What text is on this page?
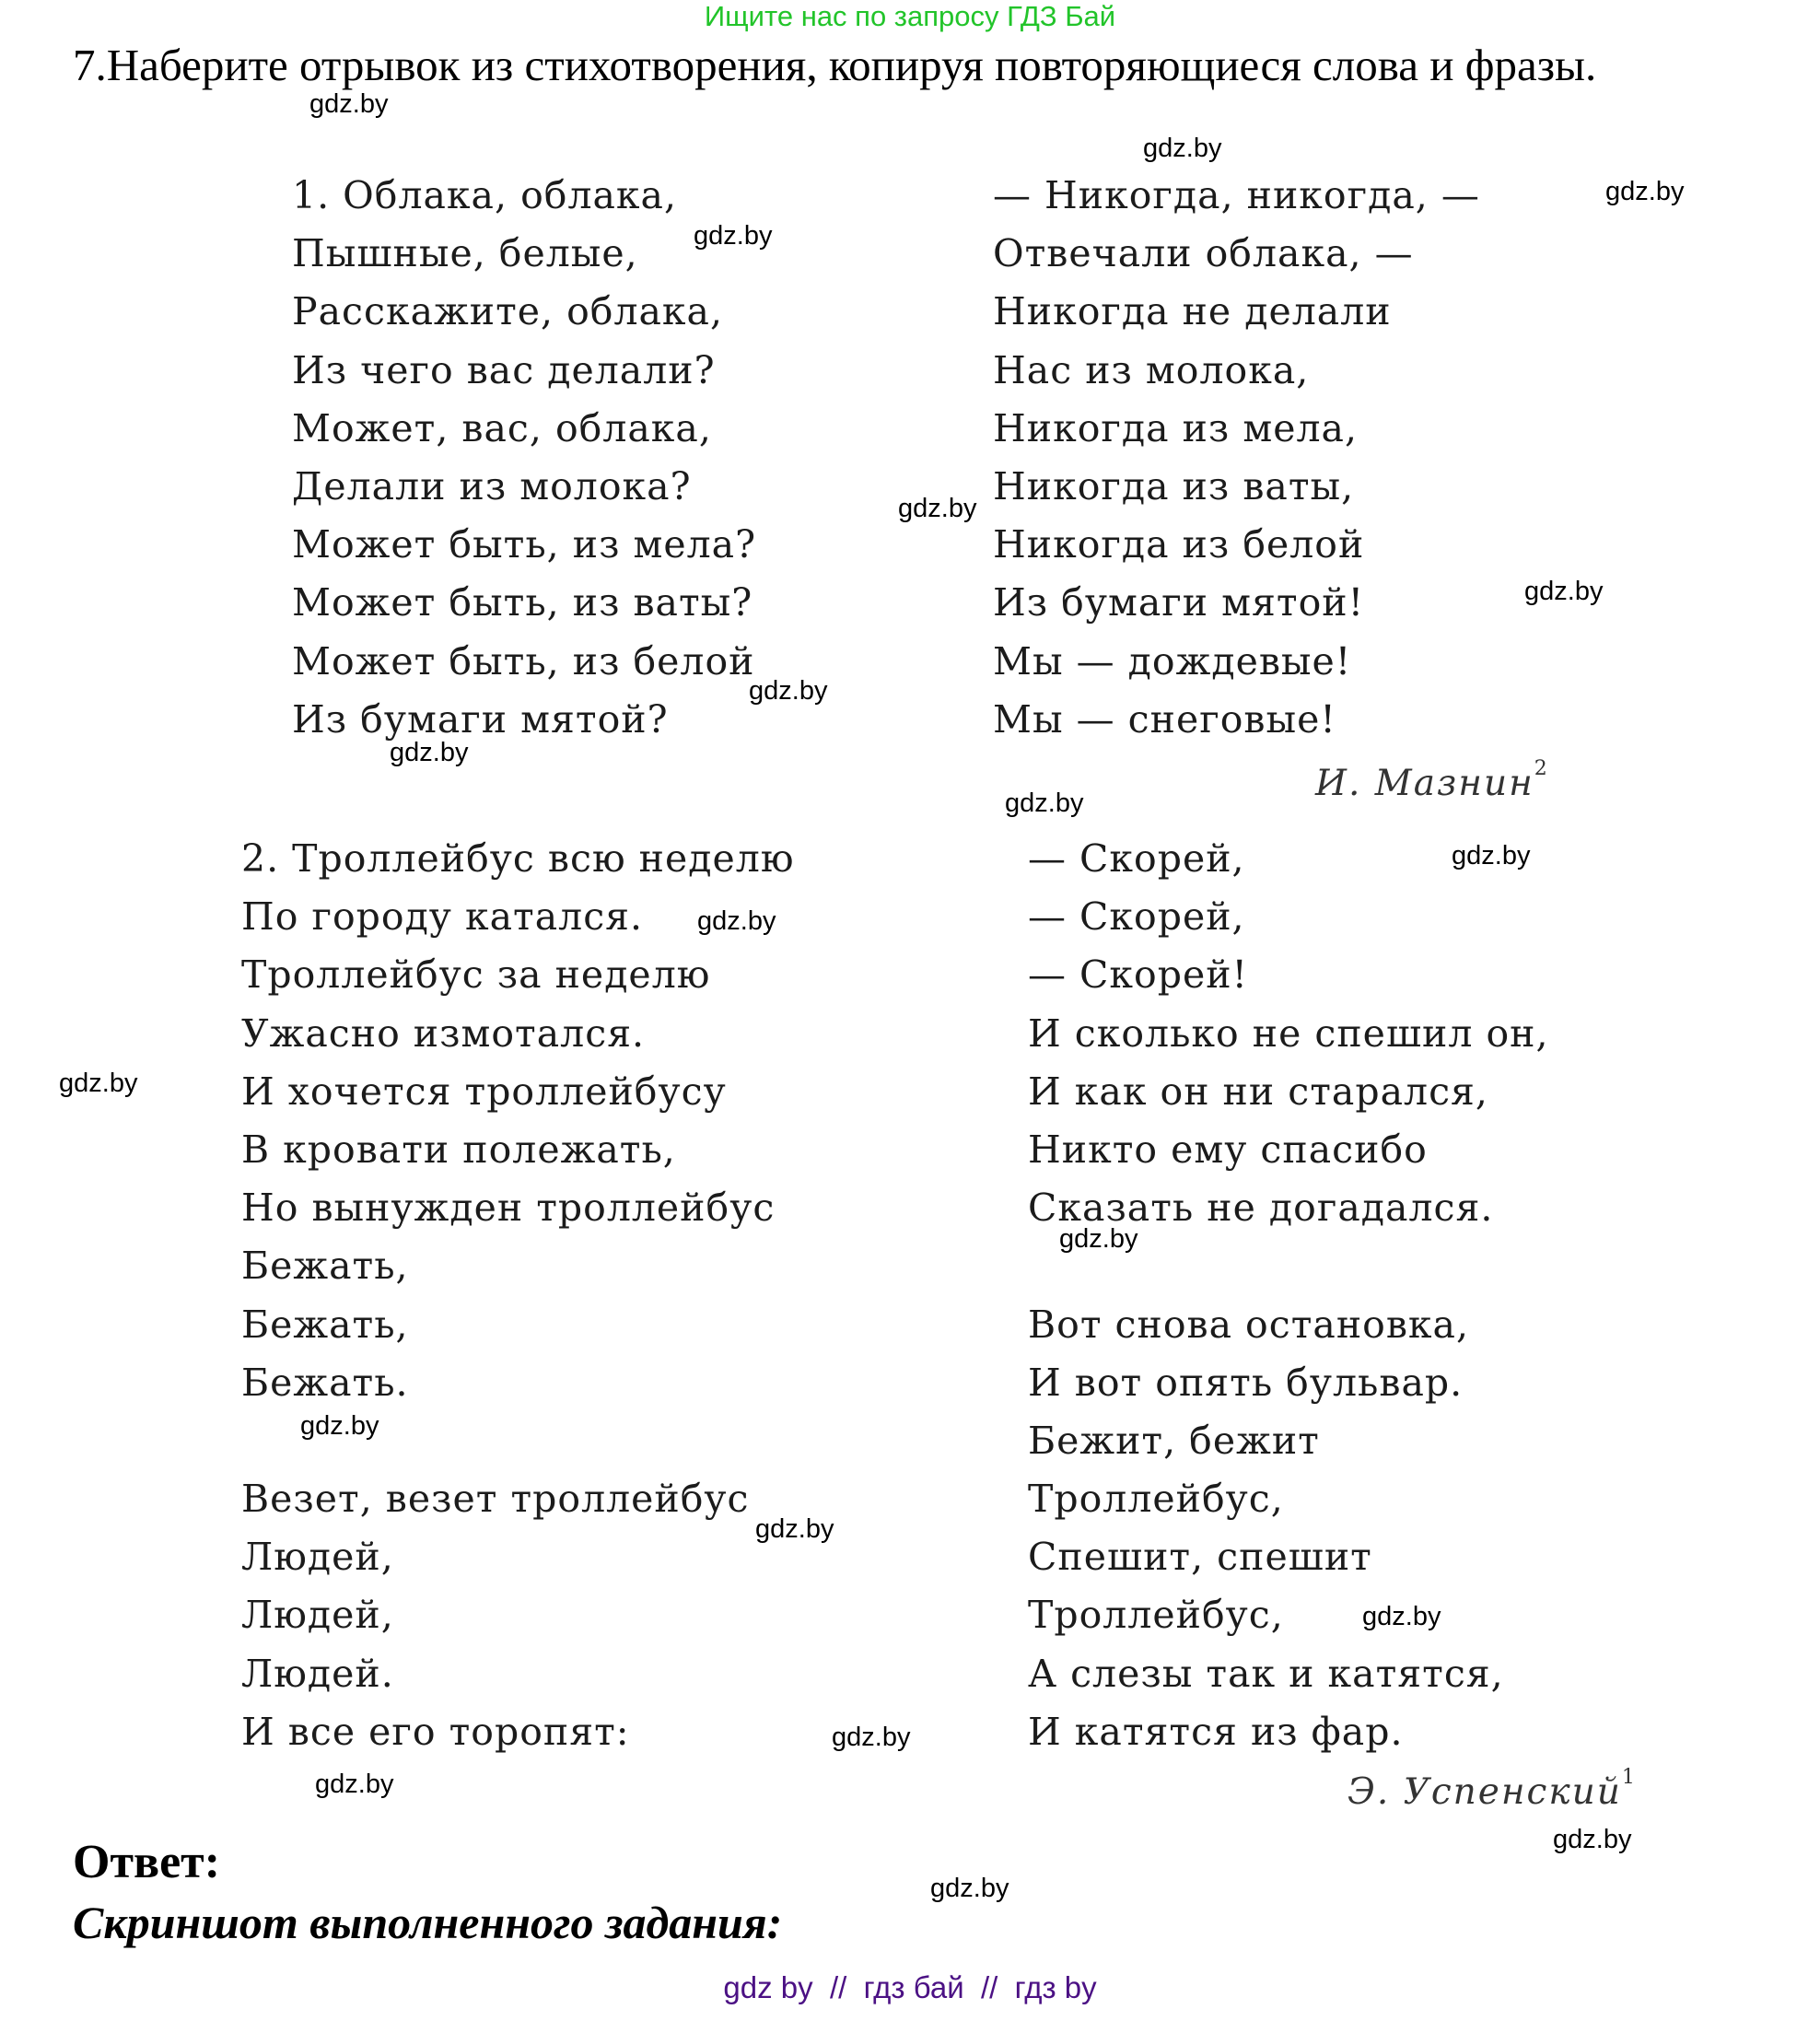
Ищите нас по запросу ГДЗ Бай
7.Наберите отрывок из стихотворения, копируя повторяющиеся слова и фразы.
1. Облака, облака,
Пышные, белые,
Расскажите, облака,
Из чего вас делали?
Может, вас, облака,
Делали из молока?
Может быть, из мела?
Может быть, из ваты?
Может быть, из белой
Из бумаги мятой?
— Никогда, никогда, —
Отвечали облака, —
Никогда не делали
Нас из молока,
Никогда из мела,
Никогда из ваты,
Никогда из белой
Из бумаги мятой!
Мы — дождевые!
Мы — снеговые!
И. Мазнин$^2$
2. Троллейбус всю неделю
По городу катался.
Троллейбус за неделю
Ужасно измотался.
И хочется троллейбусу
В кровати полежать,
Но вынужден троллейбус
Бежать,
Бежать,
Бежать.
Везет, везет троллейбус
Людей,
Людей,
Людей.
И все его торопят:
— Скорей,
— Скорей,
— Скорей!
И сколько не спешил он,
И как он ни старался,
Никто ему спасибо
Сказать не догадался.
Вот снова остановка,
И вот опять бульвар.
Бежит, бежит
Троллейбус,
Спешит, спешит
Троллейбус,
А слезы так и катятся,
И катятся из фар.
Э. Успенский$^1$
Ответ:
Скриншот выполненного задания:
gdz.by
gdz.by
gdz.by
gdz.by
gdz.by
gdz.by
gdz.by
gdz.by
gdz.by
gdz.by
gdz.by
gdz.by
gdz.by
gdz.by
gdz.by
gdz.by
gdz.by
gdz.by
gdz.by
gdz.by
gdz by  //  гдз бай  //  гдз by
